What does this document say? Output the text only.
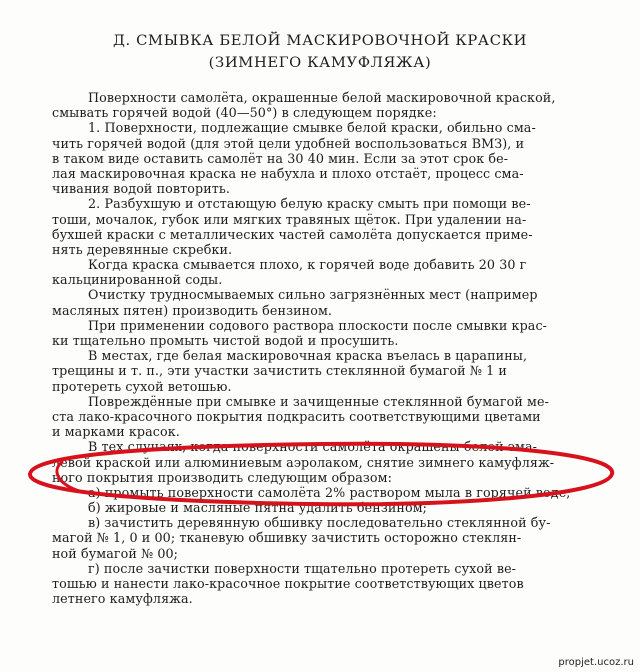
Д. СМЫВКА БЕЛОЙ МАСКИРОВОЧНОЙ КРАСКИ
(ЗИМНЕГО КАМУФЛЯЖА)
Поверхности самолёта, окрашенные белой маскировочной краской,
смывать горячей водой (40—50°) в следующем порядке:
1. Поверхности, подлежащие смывке белой краски, обильно сма-
чить горячей водой (для этой цели удобней воспользоваться ВМЗ), и
в таком виде оставить самолёт на 30 40 мин. Если за этот срок бе-
лая маскировочная краска не набухла и плохо отстаёт, процесс сма-
чивания водой повторить.
2. Разбухшую и отстающую белую краску смыть при помощи ве-
тоши, мочалок, губок или мягких травяных щёток. При удалении на-
бухшей краски с металлических частей самолёта допускается приме-
нять деревянные скребки.
Когда краска смывается плохо, к горячей воде добавить 20 30 г
кальцинированной соды.
Очистку трудносмываемых сильно загрязнённых мест (например
масляных пятен) производить бензином.
При применении содового раствора плоскости после смывки крас-
ки тщательно промыть чистой водой и просушить.
В местах, где белая маскировочная краска въелась в царапины,
трещины и т. п., эти участки зачистить стеклянной бумагой № 1 и
протереть сухой ветошью.
Повреждённые при смывке и зачищенные стеклянной бумагой ме-
ста лако-красочного покрытия подкрасить соответствующими цветами
и марками красок.
В тех случаях, когда поверхности самолёта окрашены белой эма-
левой краской или алюминиевым аэролаком, снятие зимнего камуфляж-
ного покрытия производить следующим образом:
а) промыть поверхности самолёта 2% раствором мыла в горячей воде;
б) жировые и масляные пятна удалить бензином;
в) зачистить деревянную обшивку последовательно стеклянной бу-
магой № 1, 0 и 00; тканевую обшивку зачистить осторожно стеклян-
ной бумагой № 00;
г) после зачистки поверхности тщательно протереть сухой ве-
тошью и нанести лако-красочное покрытие соответствующих цветов
летнего камуфляжа.
propjet.ucoz.ru
